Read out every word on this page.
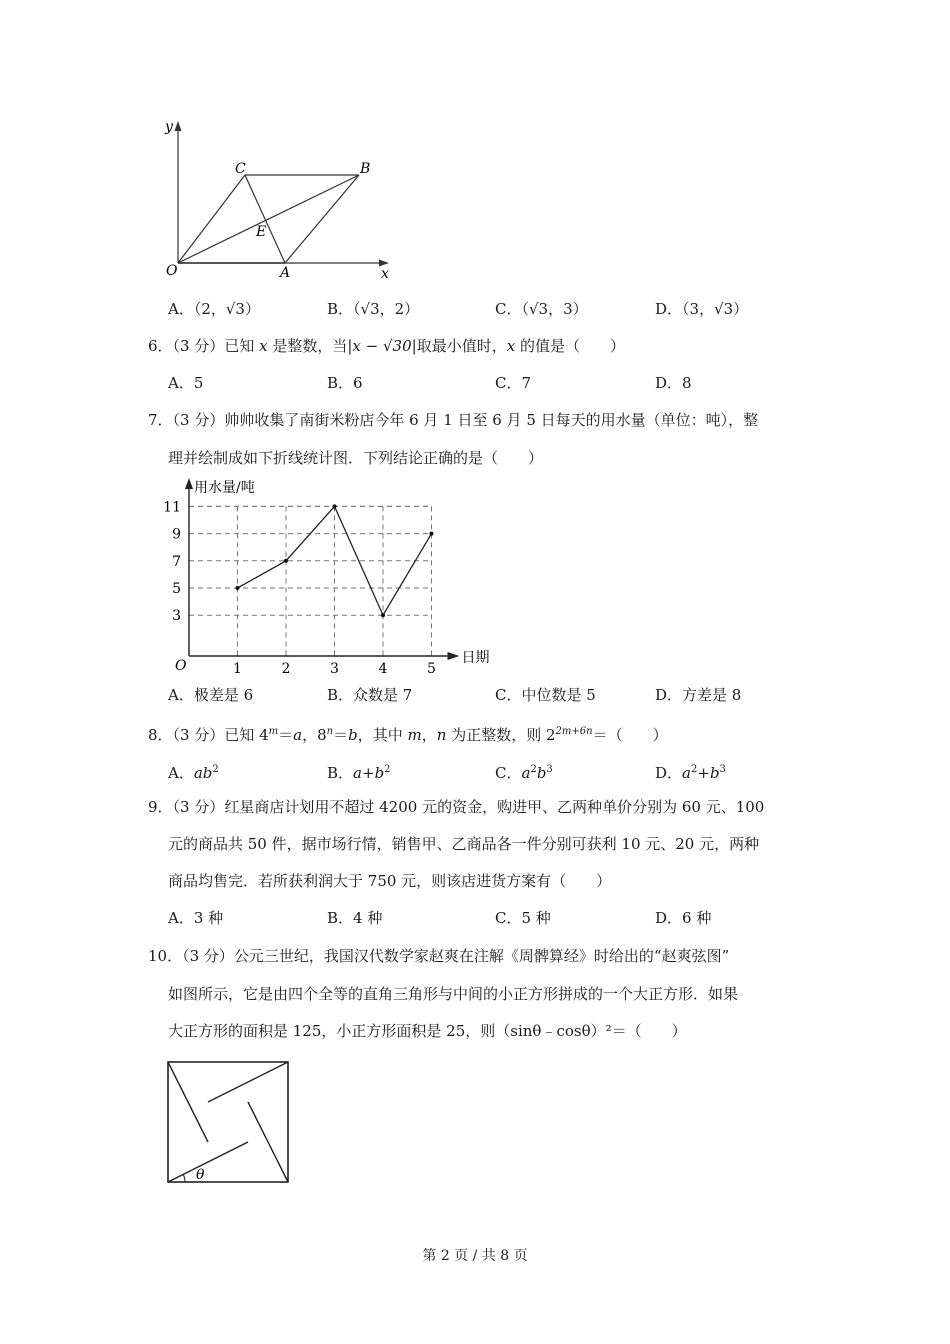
y
x
O	A
B
C
E
A．（2，√3）	B．（√3，2）	C．（√3，3）	D．（3，√3）
6．（3 分）已知 x 是整数，当|x − √30|取最小值时，x 的值是（　　）
A．5	B．6	C．7	D．8
7．（3 分）帅帅收集了南街米粉店今年 6 月 1 日至 6 月 5 日每天的用水量（单位：吨），整
理并绘制成如下折线统计图．下列结论正确的是（　　）
3
5
7
9
11
1	2	3	4	5
用水量/吨
日期
O
A．极差是 6	B．众数是 7	C．中位数是 5	D．方差是 8
8．（3 分）已知 $4^m=a$，$8^n=b$，其中 m，n 为正整数，则 $2^{2m+6n}=$（　　）
A．$ab^2$	B．$a+b^2$	C．$a^2b^3$	D．$a^2+b^3$
9．（3 分）红星商店计划用不超过 4200 元的资金，购进甲、乙两种单价分别为 60 元、100
元的商品共 50 件，据市场行情，销售甲、乙商品各一件分别可获利 10 元、20 元，两种
商品均售完．若所获利润大于 750 元，则该店进货方案有（　　）
A．3 种	B．4 种	C．5 种	D．6 种
10．（3 分）公元三世纪，我国汉代数学家赵爽在注解《周髀算经》时给出的“赵爽弦图”
如图所示，它是由四个全等的直角三角形与中间的小正方形拼成的一个大正方形．如果
大正方形的面积是 125，小正方形面积是 25，则（sinθ﹣cosθ）²＝（　　）
θ
第 2 页 / 共 8 页
